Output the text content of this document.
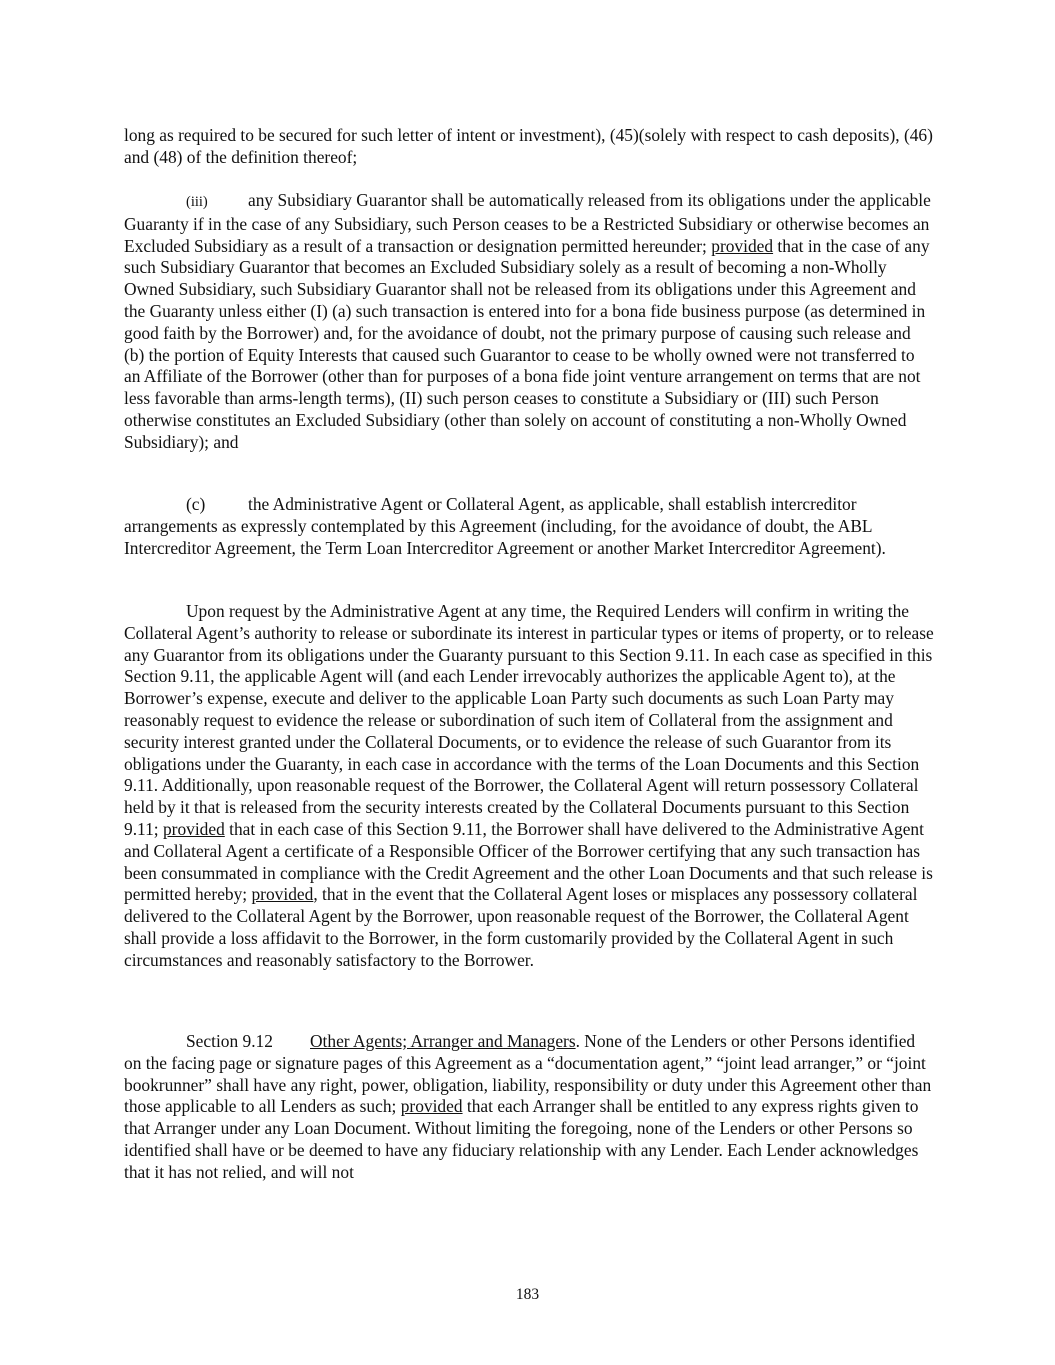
long as required to be secured for such letter of intent or investment), (45)(solely with respect to cash deposits), (46) and (48) of the definition thereof;

(iii) any Subsidiary Guarantor shall be automatically released from its obligations under the applicable Guaranty if in the case of any Subsidiary, such Person ceases to be a Restricted Subsidiary or otherwise becomes an Excluded Subsidiary as a result of a transaction or designation permitted hereunder; provided that in the case of any such Subsidiary Guarantor that becomes an Excluded Subsidiary solely as a result of becoming a non-Wholly Owned Subsidiary, such Subsidiary Guarantor shall not be released from its obligations under this Agreement and the Guaranty unless either (I) (a) such transaction is entered into for a bona fide business purpose (as determined in good faith by the Borrower) and, for the avoidance of doubt, not the primary purpose of causing such release and (b) the portion of Equity Interests that caused such Guarantor to cease to be wholly owned were not transferred to an Affiliate of the Borrower (other than for purposes of a bona fide joint venture arrangement on terms that are not less favorable than arms-length terms), (II) such person ceases to constitute a Subsidiary or (III) such Person otherwise constitutes an Excluded Subsidiary (other than solely on account of constituting a non-Wholly Owned Subsidiary); and

(c) the Administrative Agent or Collateral Agent, as applicable, shall establish intercreditor arrangements as expressly contemplated by this Agreement (including, for the avoidance of doubt, the ABL Intercreditor Agreement, the Term Loan Intercreditor Agreement or another Market Intercreditor Agreement).

Upon request by the Administrative Agent at any time, the Required Lenders will confirm in writing the Collateral Agent’s authority to release or subordinate its interest in particular types or items of property, or to release any Guarantor from its obligations under the Guaranty pursuant to this Section 9.11. In each case as specified in this Section 9.11, the applicable Agent will (and each Lender irrevocably authorizes the applicable Agent to), at the Borrower’s expense, execute and deliver to the applicable Loan Party such documents as such Loan Party may reasonably request to evidence the release or subordination of such item of Collateral from the assignment and security interest granted under the Collateral Documents, or to evidence the release of such Guarantor from its obligations under the Guaranty, in each case in accordance with the terms of the Loan Documents and this Section 9.11. Additionally, upon reasonable request of the Borrower, the Collateral Agent will return possessory Collateral held by it that is released from the security interests created by the Collateral Documents pursuant to this Section 9.11; provided that in each case of this Section 9.11, the Borrower shall have delivered to the Administrative Agent and Collateral Agent a certificate of a Responsible Officer of the Borrower certifying that any such transaction has been consummated in compliance with the Credit Agreement and the other Loan Documents and that such release is permitted hereby; provided, that in the event that the Collateral Agent loses or misplaces any possessory collateral delivered to the Collateral Agent by the Borrower, upon reasonable request of the Borrower, the Collateral Agent shall provide a loss affidavit to the Borrower, in the form customarily provided by the Collateral Agent in such circumstances and reasonably satisfactory to the Borrower.

Section 9.12 Other Agents; Arranger and Managers. None of the Lenders or other Persons identified on the facing page or signature pages of this Agreement as a “documentation agent,” “joint lead arranger,” or “joint bookrunner” shall have any right, power, obligation, liability, responsibility or duty under this Agreement other than those applicable to all Lenders as such; provided that each Arranger shall be entitled to any express rights given to that Arranger under any Loan Document. Without limiting the foregoing, none of the Lenders or other Persons so identified shall have or be deemed to have any fiduciary relationship with any Lender. Each Lender acknowledges that it has not relied, and will not

183
